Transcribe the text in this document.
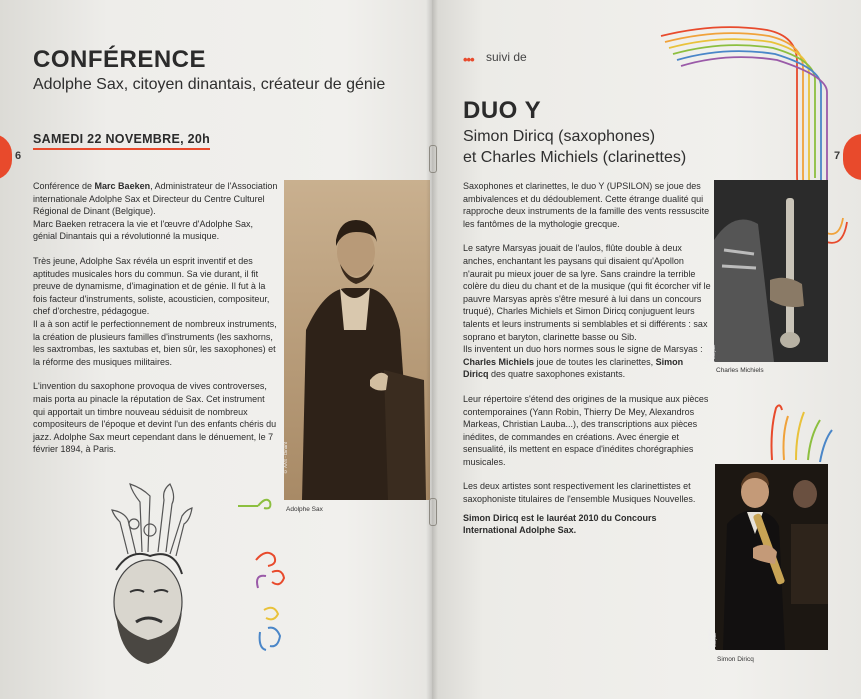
6
CONFÉRENCE
Adolphe Sax, citoyen dinantais, créateur de génie
SAMEDI 22 NOVEMBRE, 20h

Conférence de Marc Baeken, Administrateur de l'Association internationale Adolphe Sax et Directeur du Centre Culturel Régional de Dinant (Belgique).

Marc Baeken retracera la vie et l'œuvre d'Adolphe Sax, génial Dinantais qui a révolutionné la musique.

Très jeune, Adolphe Sax révéla un esprit inventif et des aptitudes musicales hors du commun. Sa vie durant, il fit preuve de dynamisme, d'imagination et de génie. Il fut à la fois facteur d'instruments, soliste, acousticien, compositeur, chef d'orchestre, pédagogue.

Il a à son actif le perfectionnement de nombreux instruments, la création de plusieurs familles d'instruments (les saxhorns, les saxtrombas, les saxtubas et, bien sûr, les saxophones) et la réforme des musiques militaires.

L'invention du saxophone provoqua de vives controverses, mais porta au pinacle la réputation de Sax. Cet instrument qui apportait un timbre nouveau séduisit de nombreux compositeurs de l'époque et devint l'un des enfants chéris du jazz. Adolphe Sax meurt cependant dans le dénuement, le 7 février 1894, à Paris.	© AAS - Dinant
Adolphe Sax
7
••• suivi de
DUO Y
Simon Diricq (saxophones)
et Charles Michiels (clarinettes)

Saxophones et clarinettes, le duo Y (UPSILON) se joue des ambivalences et du dédoublement. Cette étrange dualité qui rapproche deux instruments de la famille des vents ressuscite les fantômes de la mythologie grecque.

Le satyre Marsyas jouait de l'aulos, flûte double à deux anches, enchantant les paysans qui disaient qu'Apollon n'aurait pu mieux jouer de sa lyre. Sans craindre la terrible colère du dieu du chant et de la musique (qui fit écorcher vif le pauvre Marsyas après s'être mesuré à lui dans un concours truqué), Charles Michiels et Simon Diricq conjuguent leurs talents et leurs instruments si semblables et si différents : sax soprano et baryton, clarinette basse ou Sib.

Ils inventent un duo hors normes sous le signe de Marsyas : Charles Michiels joue de toutes les clarinettes, Simon Diricq des quatre saxophones existants.

Leur répertoire s'étend des origines de la musique aux pièces contemporaines (Yann Robin, Thierry De Mey, Alexandros Markeas, Christian Lauba...), des transcriptions aux pièces inédites, de commandes en créations. Avec énergie et sensualité, ils mettent en espace d'inédites chorégraphies musicales.

Les deux artistes sont respectivement les clarinettistes et saxophoniste titulaires de l'ensemble Musiques Nouvelles.

Simon Diricq est le lauréat 2010 du Concours International Adolphe Sax.

© Isabelle Françaix
Charles Michiels
© Isabelle Françaix
Simon Diricq
